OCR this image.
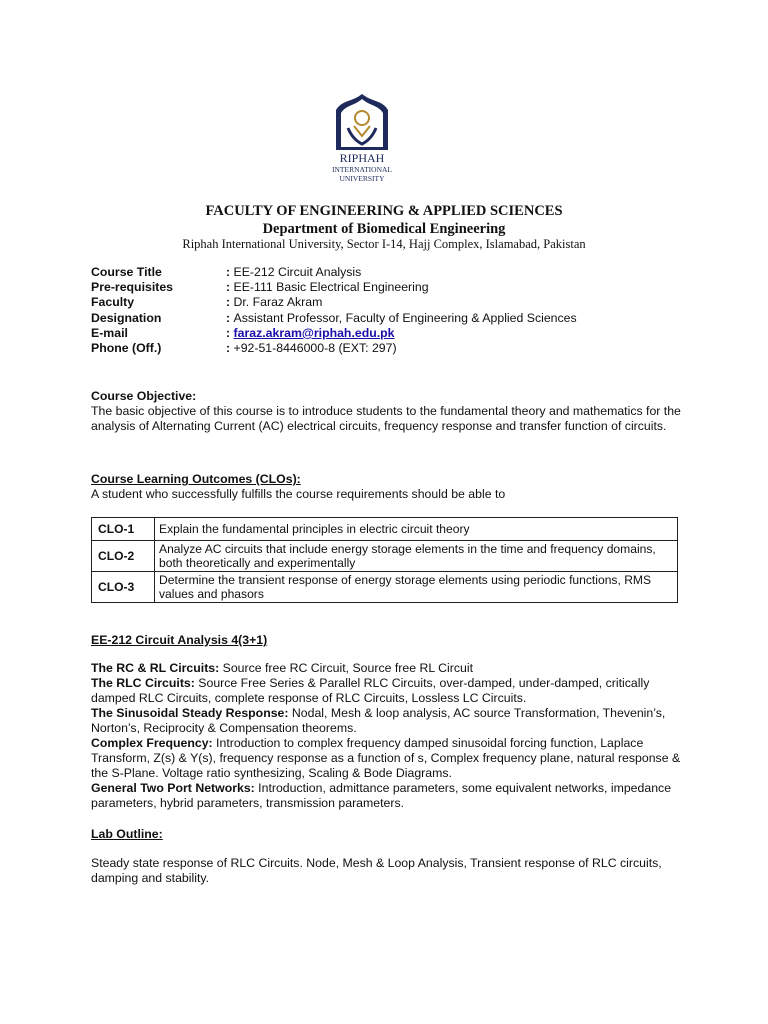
RIPHAH
INTERNATIONAL
UNIVERSITY
FACULTY OF ENGINEERING & APPLIED SCIENCES
Department of Biomedical Engineering
Riphah International University, Sector I-14, Hajj Complex, Islamabad, Pakistan
Course Title	: EE-212 Circuit Analysis
Pre-requisites	: EE-111 Basic Electrical Engineering
Faculty	: Dr. Faraz Akram
Designation	: Assistant Professor, Faculty of Engineering & Applied Sciences
E-mail	: faraz.akram@riphah.edu.pk
Phone (Off.)	: +92-51-8446000-8 (EXT: 297)
Course Objective:
The basic objective of this course is to introduce students to the fundamental theory and mathematics for the analysis of Alternating Current (AC) electrical circuits, frequency response and transfer function of circuits.
Course Learning Outcomes (CLOs):
A student who successfully fulfills the course requirements should be able to
CLO-1	Explain the fundamental principles in electric circuit theory
CLO-2	Analyze AC circuits that include energy storage elements in the time and frequency domains, both theoretically and experimentally
CLO-3	Determine the transient response of energy storage elements using periodic functions, RMS values and phasors
EE-212 Circuit Analysis 4(3+1)
The RC & RL Circuits: Source free RC Circuit, Source free RL Circuit
The RLC Circuits: Source Free Series & Parallel RLC Circuits, over-damped, under-damped, critically damped RLC Circuits, complete response of RLC Circuits, Lossless LC Circuits.
The Sinusoidal Steady Response: Nodal, Mesh & loop analysis, AC source Transformation, Thevenin’s, Norton’s, Reciprocity & Compensation theorems.
Complex Frequency: Introduction to complex frequency damped sinusoidal forcing function, Laplace Transform, Z(s) & Y(s), frequency response as a function of s, Complex frequency plane, natural response & the S-Plane. Voltage ratio synthesizing, Scaling & Bode Diagrams.
General Two Port Networks: Introduction, admittance parameters, some equivalent networks, impedance parameters, hybrid parameters, transmission parameters.
Lab Outline:
Steady state response of RLC Circuits. Node, Mesh & Loop Analysis, Transient response of RLC circuits, damping and stability.
